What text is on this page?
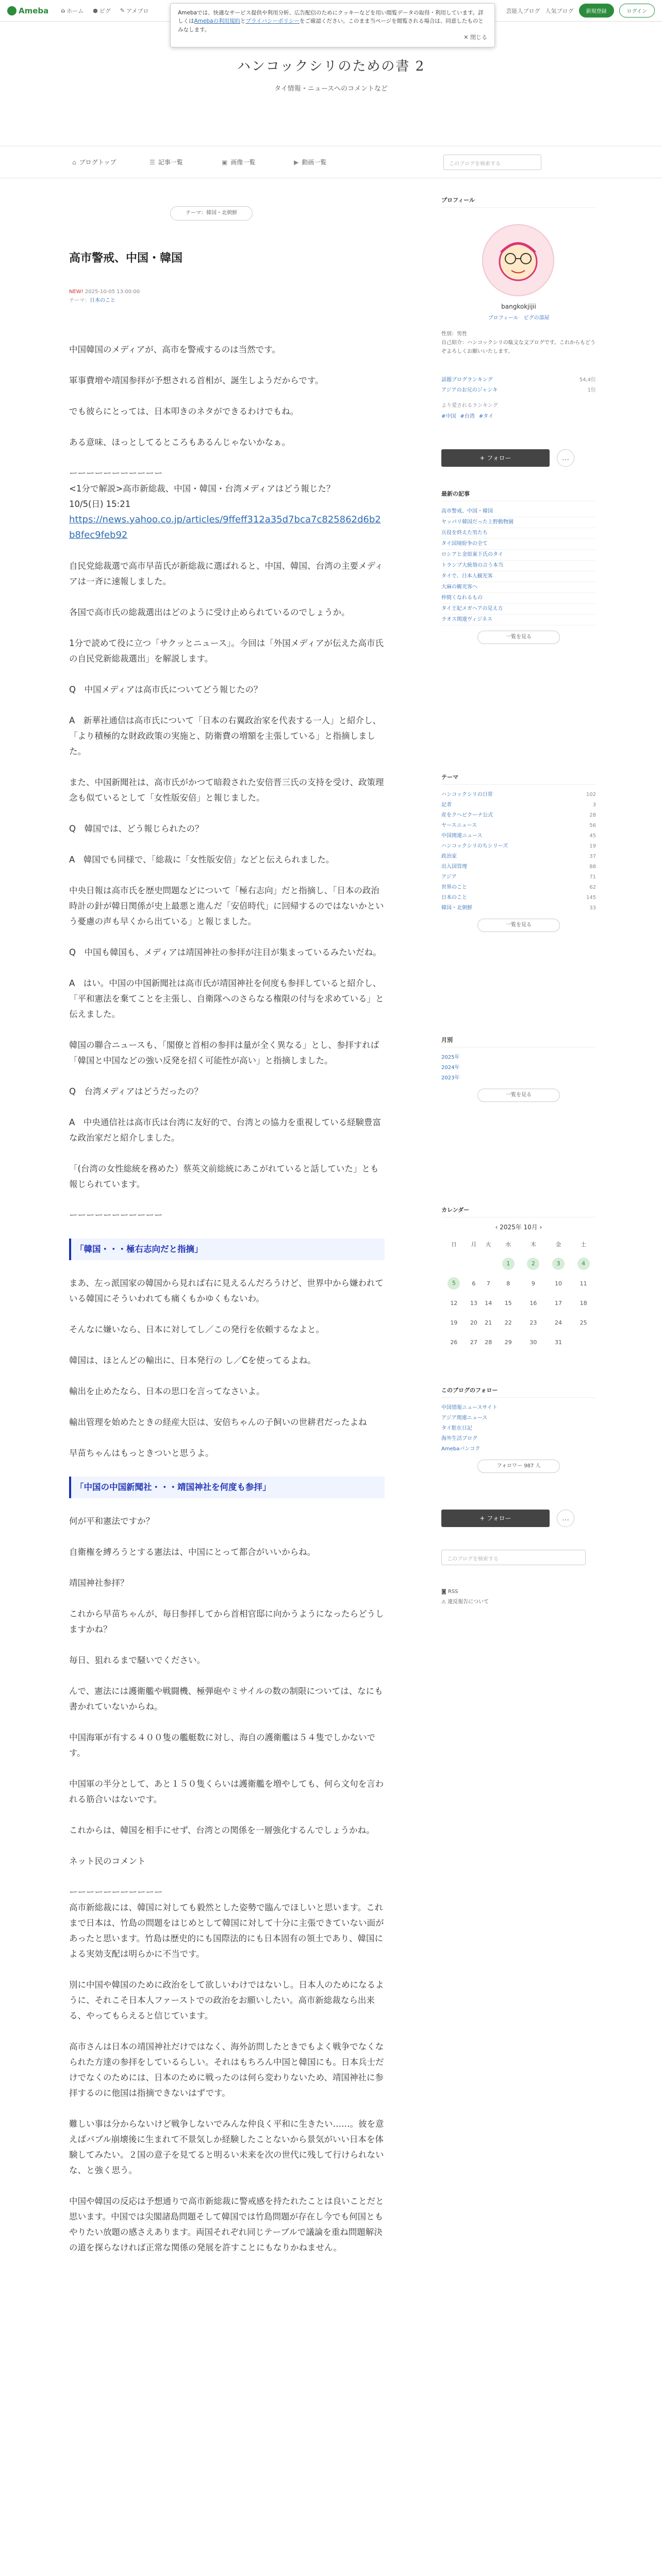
Ameba ⌂ ホーム ● ピグ ✎ アメブロ	芸能人ブログ 人気ブログ	新規登録	ログイン
Amebaでは、快適なサービス提供や利用分析、広告配信のためにクッキーなどを用い閲覧データの取得・利用しています。詳しくはAmebaの利用規約とプライバシーポリシーをご確認ください。このまま当ページを閲覧される場合は、同意したものとみなします。
✕ 閉じる
ハンコックシリのための書 2
タイ情報・ニュースへのコメントなど
⌂ ブログトップ	☰ 記事一覧	▣ 画像一覧	▶ 動画一覧	このブログを検索する
テーマ：韓国・北朝鮮
高市警戒、中国・韓国
NEW! 2025-10-05 13:00:00
テーマ：日本のこと

中国韓国のメディアが、高市を警戒するのは当然です。

軍事費増や靖国参拝が予想される首相が、誕生しようだからです。

でも彼らにとっては、日本叩きのネタができるわけでもね。

ある意味、ほっとしてるところもあるんじゃないかなぁ。

ーーーーーーーーーーー

<1分で解説>高市新総裁、中国・韓国・台湾メディアはどう報じた？

10/5(日) 15:21

https://news.yahoo.co.jp/articles/9ffeff312a35d7bca7c825862d6b2b8fec9feb92

自民党総裁選で高市早苗氏が新総裁に選ばれると、中国、韓国、台湾の主要メディアは一斉に速報しました。

各国で高市氏の総裁選出はどのように受け止められているのでしょうか。

1分で読めて役に立つ「サクッとニュース」。今回は「外国メディアが伝えた高市氏の自民党新総裁選出」を解説します。

Q　中国メディアは高市氏についてどう報じたの？

A　新華社通信は高市氏について「日本の右翼政治家を代表する一人」と紹介し、「より積極的な財政政策の実施と、防衛費の増額を主張している」と指摘しました。

また、中国新聞社は、高市氏がかつて暗殺された安倍晋三氏の支持を受け、政策理念も似ているとして「女性版安倍」と報じました。

Q　韓国では、どう報じられたの？

A　韓国でも同様で、「総裁に「女性版安倍」などと伝えられました。

中央日報は高市氏を歴史問題などについて「極右志向」だと指摘し、「日本の政治時計の針が韓日関係が史上最悪と進んだ「安倍時代」に回帰するのではないかという憂慮の声も早くから出ている」と報じました。

Q　中国も韓国も、メディアは靖国神社の参拝が注目が集まっているみたいだね。

A　はい。中国の中国新聞社は高市氏が靖国神社を何度も参拝していると紹介し、「平和憲法を棄てことを主張し、自衛隊へのさらなる権限の付与を求めている」と伝えました。

韓国の聯合ニュースも、「閣僚と首相の参拝は量が全く異なる」とし、参拝すれば「韓国と中国などの強い反発を招く可能性が高い」と指摘しました。

Q　台湾メディアはどうだったの？

A　中央通信社は高市氏は台湾に友好的で、台湾との協力を重視している経験豊富な政治家だと紹介しました。

「(台湾の女性総統を務めた）蔡英文前総統にあこがれていると話していた」とも報じられています。

ーーーーーーーーーーー

「韓国・・・極右志向だと指摘」

まあ、左っ派国家の韓国から見れば右に見えるんだろうけど、世界中から嫌われている韓国にそういわれても痛くもかゆくもないわ。

そんなに嫌いなら、日本に対してし／この発行を依頼するなよと。

韓国は、ほとんどの輸出に、日本発行の し／Cを使ってるよね。

輸出を止めたなら、日本の思口を言ってなさいよ。

輸出管理を始めたときの経産大臣は、安倍ちゃんの子飼いの世耕君だったよね

早苗ちゃんはもっときついと思うよ。

「中国の中国新聞社・・・靖国神社を何度も参拝」

何が平和憲法ですか？

自衛権を縛ろうとする憲法は、中国にとって都合がいいからね。

靖国神社参拝？

これから早苗ちゃんが、毎日参拝してから首相官邸に向かうようになったらどうしますかね？

毎日、狙れるまで騒いでください。

んで、憲法には護衛艦や戦闘機、極弾砲やミサイルの数の制限については、なにも書かれていないからね。

中国海軍が有する４００隻の艦艇数に対し、海自の護衛艦は５４隻でしかないです。

中国軍の半分として、あと１５０隻くらいは護衛艦を増やしても、何ら文句を言われる筋合いはないです。

これからは、韓国を相手にせず、台湾との関係を一層強化するんでしょうかね。

ネット民のコメント

ーーーーーーーーーーー

高市新総裁には、韓国に対しても毅然とした姿勢で臨んでほしいと思います。これまで日本は、竹島の問題をはじめとして韓国に対して十分に主張できていない面があったと思います。竹島は歴史的にも国際法的にも日本固有の領土であり、韓国による実効支配は明らかに不当です。

別に中国や韓国のために政治をして欲しいわけではないし。日本人のためになるように、それこそ日本人ファーストでの政治をお願いしたい。高市新総裁なら出来る、やってもらえると信じています。

高市さんは日本の靖国神社だけではなく、海外訪問したときでもよく戦争でなくなられた方達の参拝をしているらしい。それはもちろん中国と韓国にも。日本兵士だけでなくのためには、日本のために戦ったのは何ら変わりないため、靖国神社に参拝するのに他国は指摘できないはずです。

難しい事は分からないけど戦争しないでみんな仲良く平和に生きたい……。彼を意えばバブル崩壊後に生まれて不景気しか経験したことないから景気がいい日本を体験してみたい。２国の意子を見てると明るい未来を次の世代に残して行けられないな、と強く思う。

中国や韓国の反応は予想通りで高市新総裁に警戒感を持たれたことは良いことだと思います。中国では尖閣諸島問題そして韓国では竹島問題が存在し今でも何国ともやりたい放題の感さえあります。両国それぞれ同じテーブルで議論を重ね問題解決の道を探らなければ正常な関係の発展を許すことにもなりかねません。

プロフィール
bangkokjijii
プロフィール　 ピグの部屋
性別：男性
自己紹介：ハンコックシリの駄文な文ブログです。これからもどうぞよろしくお願いいたします。
話題ブログランキング	54,4位
アジアのお兄のジャンキ	1位
より愛されるランキング
#中国 #台湾 #タイ
+ フォロー	…
最新の記事
高市警戒、中国・韓国
ヤッパリ韓国だった上野動物園
兵役を終えた男たち
タイ国境紛争の全て
ロシアと金原東下氏のタイ
トランプ大統領の言う本当
タイで、日本人観光客
大麻の観光客へ
仲間くなれるもの
タイ王妃メガヘアの見え方
ラオス関連ヴィジネス
一覧を見る
テーマ
ハンコックシリの日常	102
記者	3
産をクへピクーナ公式	28
ヤースニュース	56
中国関連ニュース	45
ハンコックシリのちシリーズ	19
政治家	37
出入国管理	88
アジア	71
世界のこと	62
日本のこと	145
韓国・北朝鮮	33
一覧を見る
月別
2025年
2024年
2023年
一覧を見る
カレンダー
‹ 2025年 10月 ›
日	月	火	水	木	金	土
			1	2	3	4
5	6	7	8	9	10	11
12	13	14	15	16	17	18
19	20	21	22	23	24	25
26	27	28	29	30	31	
このブログのフォロー
中国情報ニュースサイト
アジア関連ニュース
タイ駐在日記
海外生活ブログ
Amebaバンコク
フォロワー 987 人
+ フォロー	…
このブログを検索する
◙ RSS
⚠ 違反報告について
